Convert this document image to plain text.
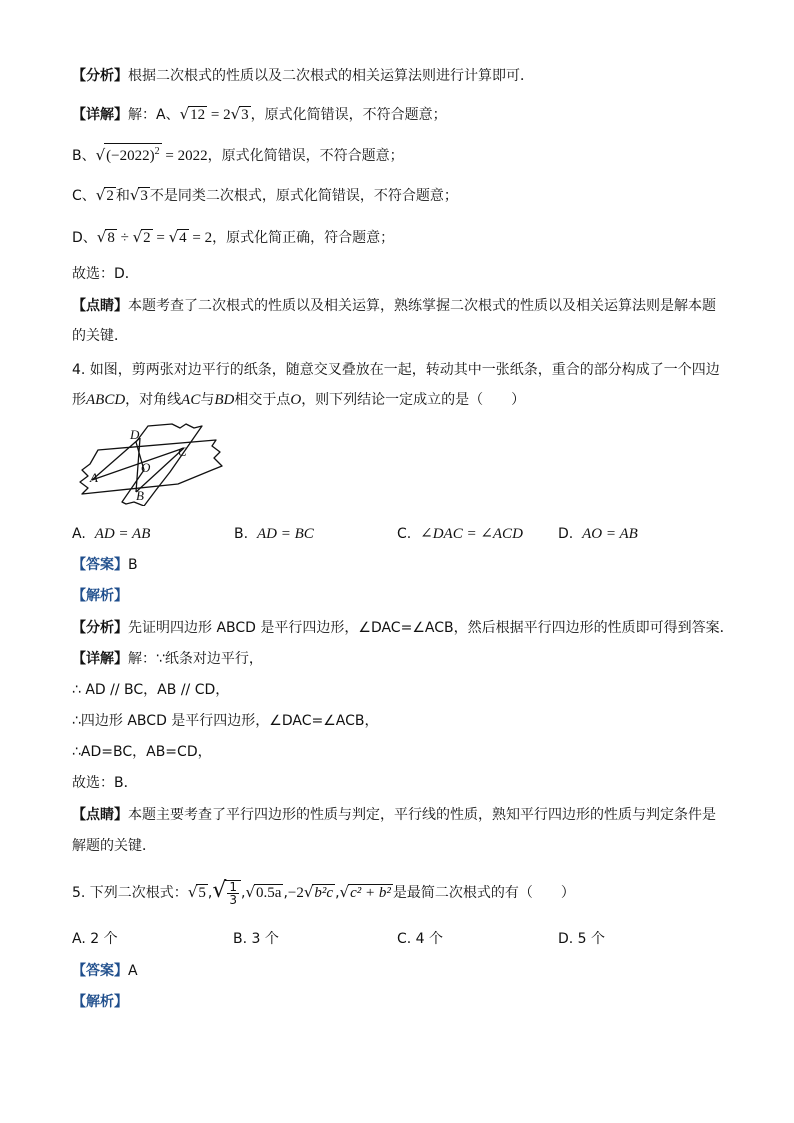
【分析】根据二次根式的性质以及二次根式的相关运算法则进行计算即可．
【详解】解：A、√12 = 2√3 ，原式化简错误，不符合题意；
B、$√(-2022)^2 = 2022$，原式化简错误，不符合题意；
C、√2 和√3 不是同类二次根式，原式化简错误，不符合题意；
D、√8 ÷ √2 = √4 = 2，原式化简正确，符合题意；
故选：D．
【点睛】本题考查了二次根式的性质以及相关运算，熟练掌握二次根式的性质以及相关运算法则是解本题
的关键．
4. 如图，剪两张对边平行的纸条，随意交叉叠放在一起，转动其中一张纸条，重合的部分构成了一个四边
形ABCD，对角线AC与BD相交于点O，则下列结论一定成立的是（　　）
A
B
C
D
O
A. AD = AB	B. AD = BC	C. ∠DAC = ∠ACD	D. AO = AB
【答案】B
【解析】
【分析】先证明四边形 ABCD 是平行四边形，∠DAC=∠ACB，然后根据平行四边形的性质即可得到答案．
【详解】解：∵纸条对边平行，
∴ AD // BC，AB // CD，
∴四边形 ABCD 是平行四边形，∠DAC=∠ACB，
∴AD=BC，AB=CD，
故选：B．
【点睛】本题主要考查了平行四边形的性质与判定，平行线的性质，熟知平行四边形的性质与判定条件是
解题的关键．
5. 下列二次根式：√5 ,√ $\frac{1}{3} ,√0.5a$ ,−2√b²c ,√c² + b² 是最简二次根式的有（　　）
A. 2 个	B. 3 个	C. 4 个	D. 5 个
【答案】A
【解析】
